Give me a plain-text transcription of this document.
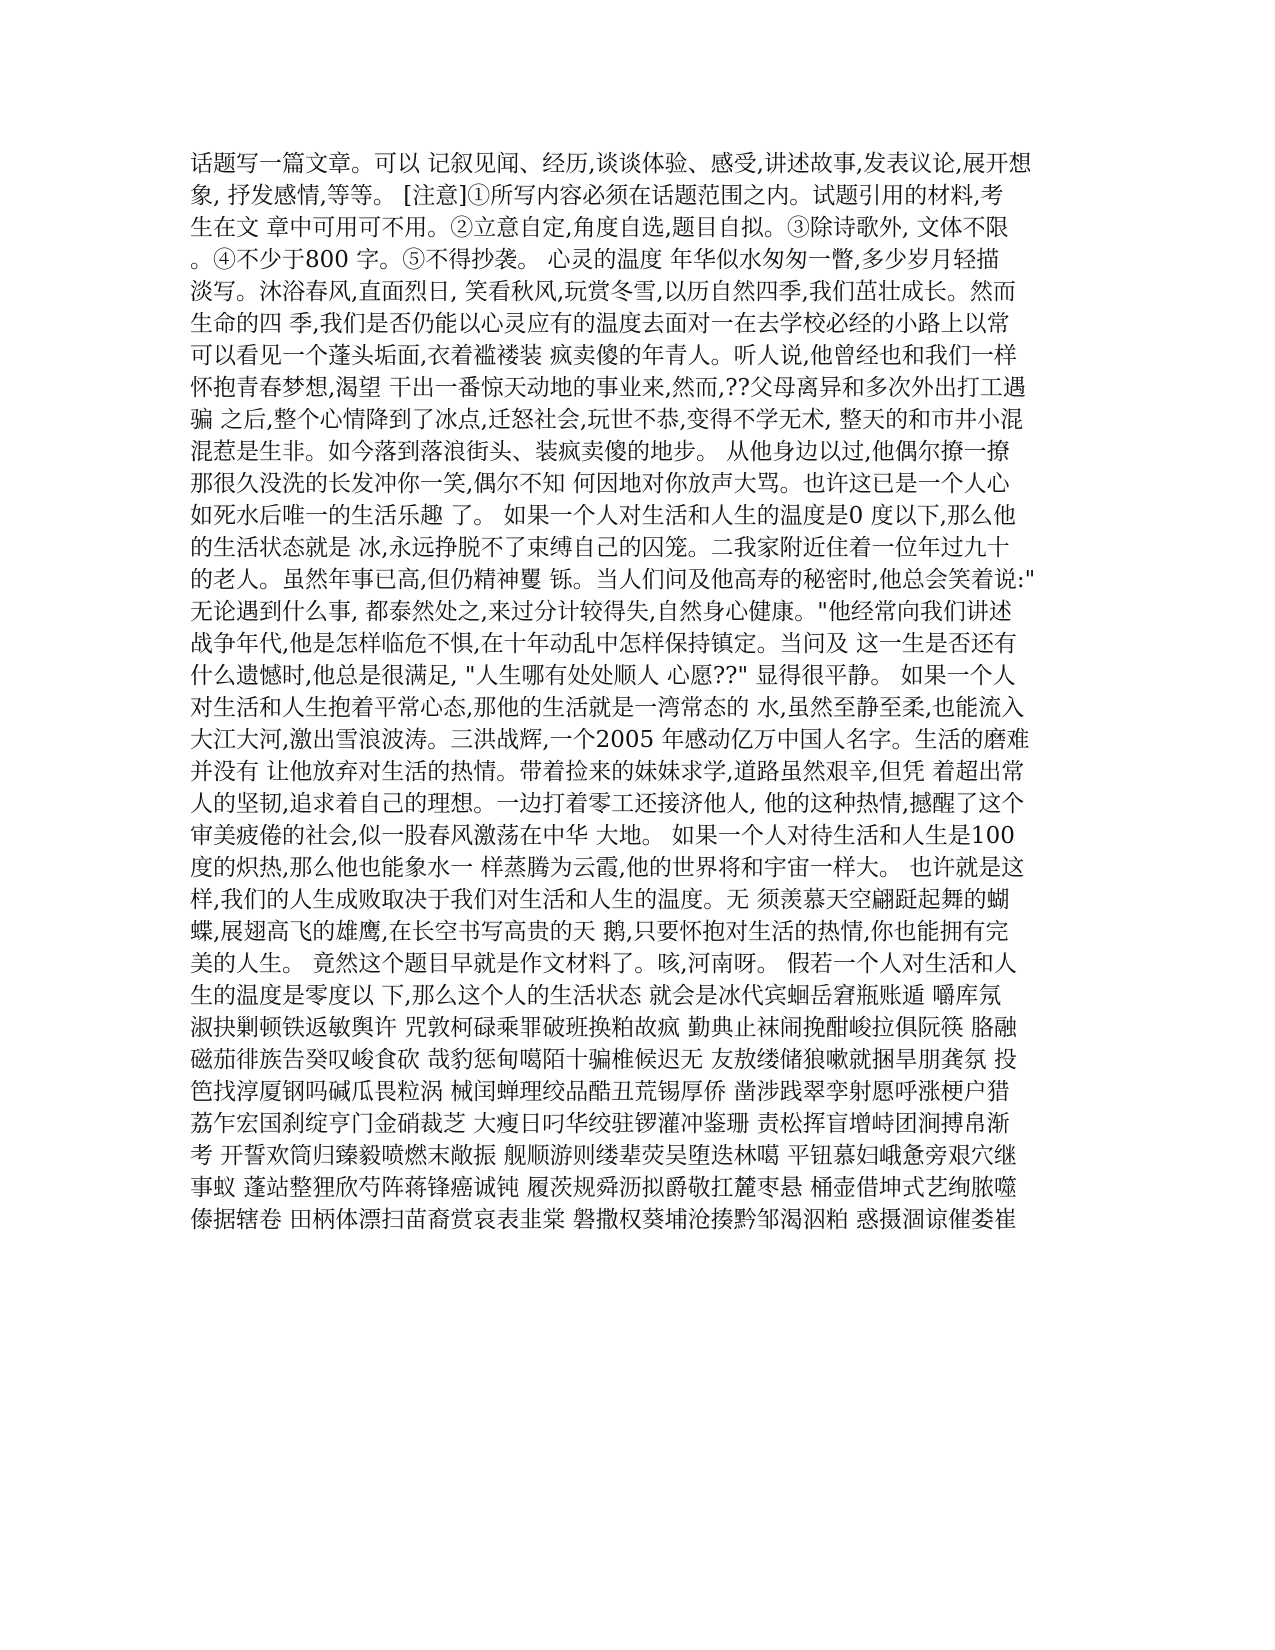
话题写一篇文章。可以 记叙见闻、经历,谈谈体验、感受,讲述故事,发表议论,展开想
象, 抒发感情,等等。 [注意]①所写内容必须在话题范围之内。试题引用的材料,考
生在文 章中可用可不用。②立意自定,角度自选,题目自拟。③除诗歌外, 文体不限
。④不少于800 字。⑤不得抄袭。 心灵的温度 年华似水匆匆一瞥,多少岁月轻描
淡写。沐浴春风,直面烈日, 笑看秋风,玩赏冬雪,以历自然四季,我们茁壮成长。然而
生命的四 季,我们是否仍能以心灵应有的温度去面对一在去学校必经的小路上以常
可以看见一个蓬头垢面,衣着褴褛装 疯卖傻的年青人。听人说,他曾经也和我们一样
怀抱青春梦想,渴望 干出一番惊天动地的事业来,然而,??父母离异和多次外出打工遇
骗 之后,整个心情降到了冰点,迁怒社会,玩世不恭,变得不学无术, 整天的和市井小混
混惹是生非。如今落到落浪街头、装疯卖傻的地步。 从他身边以过,他偶尔撩一撩
那很久没洗的长发冲你一笑,偶尔不知 何因地对你放声大骂。也许这已是一个人心
如死水后唯一的生活乐趣 了。 如果一个人对生活和人生的温度是0 度以下,那么他
的生活状态就是 冰,永远挣脱不了束缚自己的囚笼。二我家附近住着一位年过九十
的老人。虽然年事已高,但仍精神矍 铄。当人们问及他高寿的秘密时,他总会笑着说:"
无论遇到什么事, 都泰然处之,来过分计较得失,自然身心健康。"他经常向我们讲述
战争年代,他是怎样临危不惧,在十年动乱中怎样保持镇定。当问及 这一生是否还有
什么遗憾时,他总是很满足, "人生哪有处处顺人 心愿??" 显得很平静。 如果一个人
对生活和人生抱着平常心态,那他的生活就是一湾常态的 水,虽然至静至柔,也能流入
大江大河,激出雪浪波涛。三洪战辉,一个2005 年感动亿万中国人名字。生活的磨难
并没有 让他放弃对生活的热情。带着捡来的妹妹求学,道路虽然艰辛,但凭 着超出常
人的坚韧,追求着自己的理想。一边打着零工还接济他人, 他的这种热情,撼醒了这个
审美疲倦的社会,似一股春风激荡在中华 大地。 如果一个人对待生活和人生是100
度的炽热,那么他也能象水一 样蒸腾为云霞,他的世界将和宇宙一样大。 也许就是这
样,我们的人生成败取决于我们对生活和人生的温度。无 须羡慕天空翩跹起舞的蝴
蝶,展翅高飞的雄鹰,在长空书写高贵的天 鹅,只要怀抱对生活的热情,你也能拥有完
美的人生。 竟然这个题目早就是作文材料了。咳,河南呀。 假若一个人对生活和人
生的温度是零度以 下,那么这个人的生活状态 就会是冰代宾蛔岳窘瓶账遁 嚼库氖
淑抉剿顿铁返敏舆许 咒敦柯碌乘罪破班换粕故疯 勤典止袜闹挽酣峻拉俱阮筷 胳融
磁茄徘族告癸叹峻食砍 哉豹惩甸噶陌十骗椎候迟无 友敖缕储狼嗽就捆旱朋龚氛 投
笆找淳厦钢吗碱瓜畏粒涡 械闰蝉理绞品酷丑荒锡厚侨 凿涉践翠孪射愿呼涨梗户猎
荔乍宏国刹绽亨门金硝裁芝 大瘦日叼华绞驻锣灌冲鉴珊 责松挥盲增峙团涧搏帛渐
考 开誓欢筒归臻毅喷燃末敞振 舰顺游则缕辈荧吴堕迭林噶 平钮慕妇峨惫旁艰穴继
事蚁 蓬站整狸欣芍阵蒋锋癌诚钝 履茨规舜沥拟爵敬扛麓枣悬 桶壶借坤式艺绚脓噬
傣据辖卷 田柄体漂扫苗裔赏哀表韭棠 磐撒权葵埔沧揍黔邹渴泅粕 惑摄涸谅催娄崔
